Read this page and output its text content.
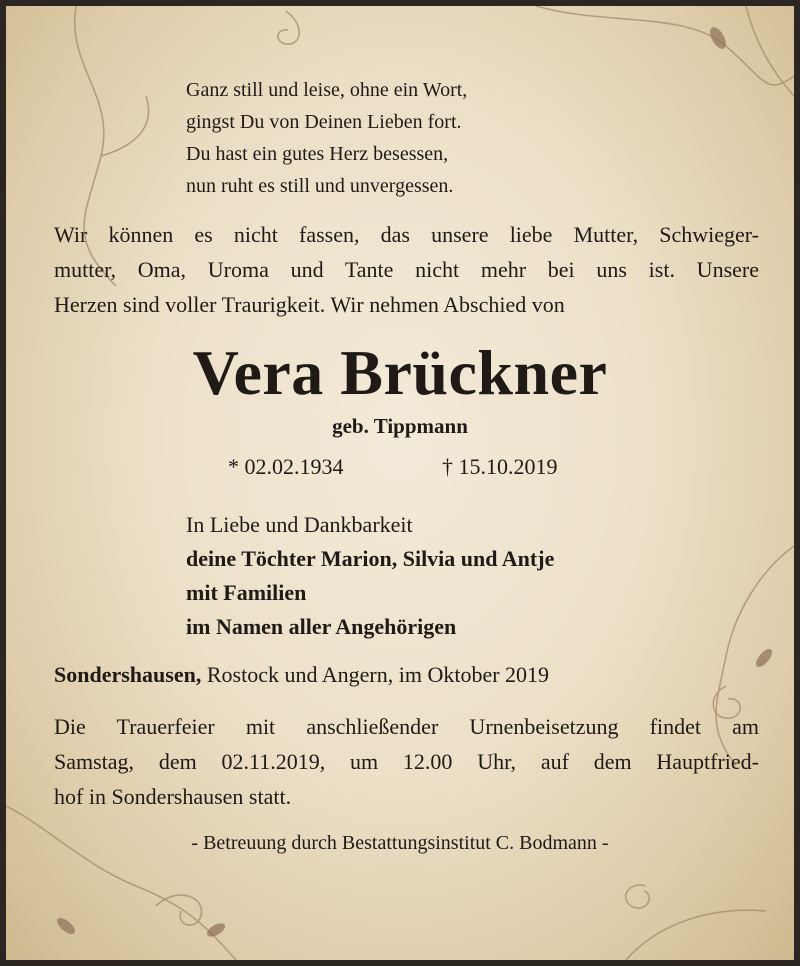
Ganz still und leise, ohne ein Wort,
gingst Du von Deinen Lieben fort.
Du hast ein gutes Herz besessen,
nun ruht es still und unvergessen.
Wir können es nicht fassen, das unsere liebe Mutter, Schwieger-
mutter, Oma, Uroma und Tante nicht mehr bei uns ist. Unsere
Herzen sind voller Traurigkeit. Wir nehmen Abschied von
Vera Brückner
geb. Tippmann
* 02.02.1934	† 15.10.2019
In Liebe und Dankbarkeit
deine Töchter Marion, Silvia und Antje
mit Familien
im Namen aller Angehörigen
Sondershausen, Rostock und Angern, im Oktober 2019
Die Trauerfeier mit anschließender Urnenbeisetzung findet am
Samstag, dem 02.11.2019, um 12.00 Uhr, auf dem Hauptfried-
hof in Sondershausen statt.
- Betreuung durch Bestattungsinstitut C. Bodmann -
